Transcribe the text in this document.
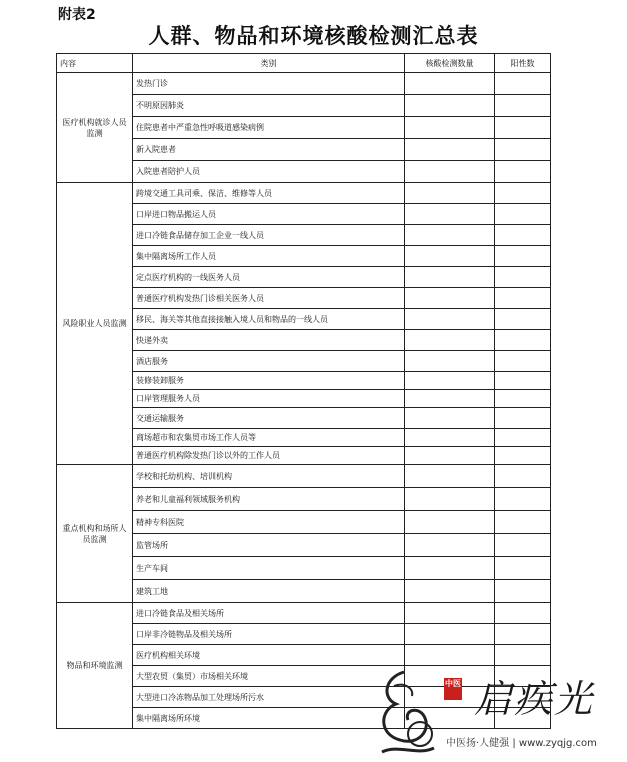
附表2
人群、物品和环境核酸检测汇总表
内容	类别	核酸检测数量	阳性数
医疗机构就诊人员监测	发热门诊		
	不明原因肺炎		
	住院患者中严重急性呼吸道感染病例		
	新入院患者		
	入院患者陪护人员		
风险职业人员监测	跨境交通工具司乘、保洁、维修等人员		
	口岸进口物品搬运人员		
	进口冷链食品储存加工企业一线人员		
	集中隔离场所工作人员		
	定点医疗机构的一线医务人员		
	普通医疗机构发热门诊相关医务人员		
	移民、海关等其他直接接触入境人员和物品的一线人员		
	快递外卖		
	酒店服务		
	装修装卸服务		
	口岸管理服务人员		
	交通运输服务		
	商场超市和农集贸市场工作人员等		
	普通医疗机构除发热门诊以外的工作人员		
重点机构和场所人员监测	学校和托幼机构、培训机构		
	养老和儿童福利领域服务机构		
	精神专科医院		
	监管场所		
	生产车间		
	建筑工地		
物品和环境监测	进口冷链食品及相关场所		
	口岸非冷链物品及相关场所		
	医疗机构相关环境		
	大型农贸（集贸）市场相关环境		
	大型进口冷冻物品加工处理场所污水		
	集中隔离场所环境		
中医 启疾光
中医扬·人健强 | www.zyqjg.com
